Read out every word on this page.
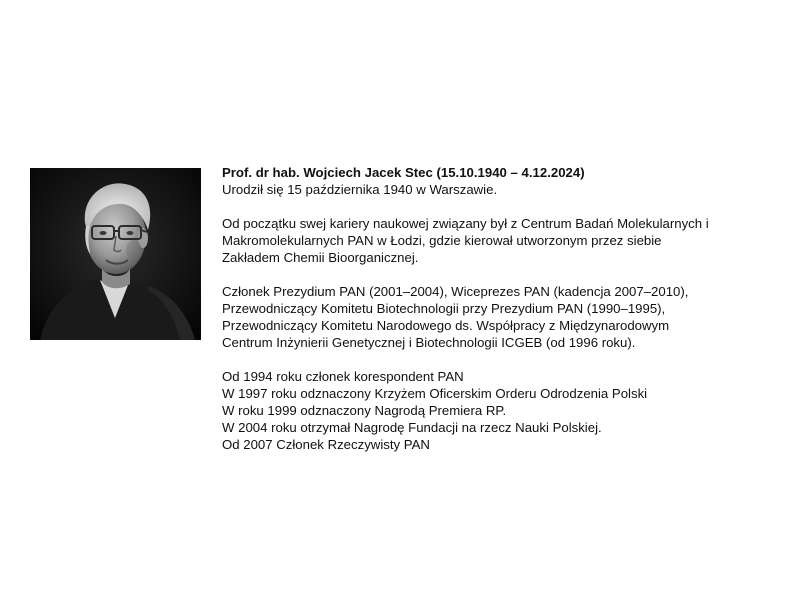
Prof. dr hab. Wojciech Jacek Stec (15.10.1940 – 4.12.2024)
Urodził się 15 października 1940 w Warszawie.

Od początku swej kariery naukowej związany był z Centrum Badań Molekularnych i
Makromolekularnych PAN w Łodzi, gdzie kierował utworzonym przez siebie
Zakładem Chemii Bioorganicznej.

Członek Prezydium PAN (2001–2004), Wiceprezes PAN (kadencja 2007–2010),
Przewodniczący Komitetu Biotechnologii przy Prezydium PAN (1990–1995),
Przewodniczący Komitetu Narodowego ds. Współpracy z Międzynarodowym
Centrum Inżynierii Genetycznej i Biotechnologii ICGEB (od 1996 roku).

Od 1994 roku członek korespondent PAN
W 1997 roku odznaczony Krzyżem Oficerskim Orderu Odrodzenia Polski
W roku 1999 odznaczony Nagrodą Premiera RP.
W 2004 roku otrzymał Nagrodę Fundacji na rzecz Nauki Polskiej.
Od 2007 Członek Rzeczywisty PAN
